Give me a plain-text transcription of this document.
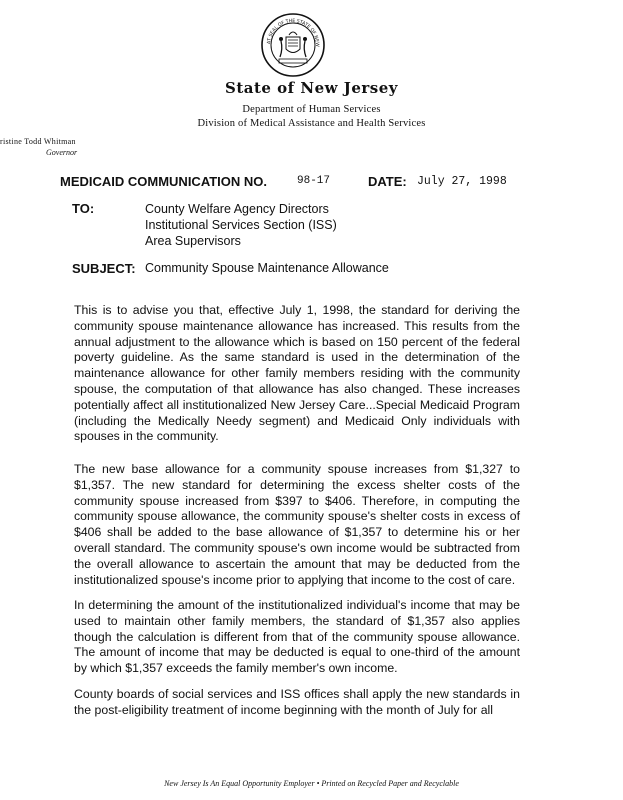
AT SEAL OF THE STATE OF NEW
State of New Jersey
Department of Human Services
Division of Medical Assistance and Health Services
ristine Todd Whitman
Governor
MEDICAID COMMUNICATION NO.	98-17	DATE: July 27, 1998
TO:	County Welfare Agency Directors
Institutional Services Section (ISS)
Area Supervisors
SUBJECT: Community Spouse Maintenance Allowance

This is to advise you that, effective July 1, 1998, the standard for deriving the community spouse maintenance allowance has increased. This results from the annual adjustment to the allowance which is based on 150 percent of the federal poverty guideline. As the same standard is used in the determination of the maintenance allowance for other family members residing with the community spouse, the computation of that allowance has also changed. These increases potentially affect all institutionalized New Jersey Care...Special Medicaid Program (including the Medically Needy segment) and Medicaid Only individuals with spouses in the community.

The new base allowance for a community spouse increases from $1,327 to $1,357. The new standard for determining the excess shelter costs of the community spouse increased from $397 to $406. Therefore, in computing the community spouse allowance, the community spouse's shelter costs in excess of $406 shall be added to the base allowance of $1,357 to determine his or her overall standard. The community spouse's own income would be subtracted from the overall allowance to ascertain the amount that may be deducted from the institutionalized spouse's income prior to applying that income to the cost of care.

In determining the amount of the institutionalized individual's income that may be used to maintain other family members, the standard of $1,357 also applies though the calculation is different from that of the community spouse allowance. The amount of income that may be deducted is equal to one-third of the amount by which $1,357 exceeds the family member's own income.

County boards of social services and ISS offices shall apply the new standards in the post-eligibility treatment of income beginning with the month of July for all

New Jersey Is An Equal Opportunity Employer • Printed on Recycled Paper and Recyclable
